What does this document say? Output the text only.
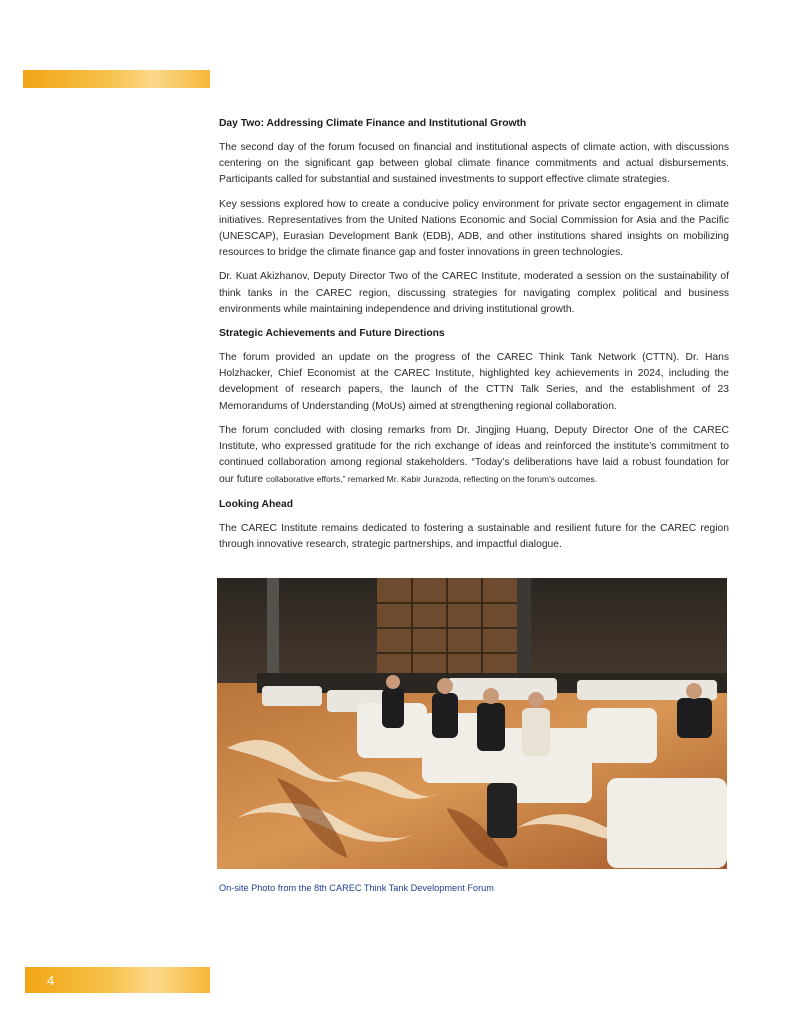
Day Two: Addressing Climate Finance and Institutional Growth

The second day of the forum focused on financial and institutional aspects of climate action, with discussions centering on the significant gap between global climate finance commitments and actual disbursements. Participants called for substantial and sustained investments to support effective climate strategies.

Key sessions explored how to create a conducive policy environment for private sector engagement in climate initiatives. Representatives from the United Nations Economic and Social Commission for Asia and the Pacific (UNESCAP), Eurasian Development Bank (EDB), ADB, and other institutions shared insights on mobilizing resources to bridge the climate finance gap and foster innovations in green technologies.

Dr. Kuat Akizhanov, Deputy Director Two of the CAREC Institute, moderated a session on the sustainability of think tanks in the CAREC region, discussing strategies for navigating complex political and business environments while maintaining independence and driving institutional growth.

Strategic Achievements and Future Directions

The forum provided an update on the progress of the CAREC Think Tank Network (CTTN). Dr. Hans Holzhacker, Chief Economist at the CAREC Institute, highlighted key achievements in 2024, including the development of research papers, the launch of the CTTN Talk Series, and the establishment of 23 Memorandums of Understanding (MoUs) aimed at strengthening regional collaboration.

The forum concluded with closing remarks from Dr. Jingjing Huang, Deputy Director One of the CAREC Institute, who expressed gratitude for the rich exchange of ideas and reinforced the institute’s commitment to continued collaboration among regional stakeholders. “Today’s deliberations have laid a robust foundation for our future collaborative efforts,” remarked Mr. Kabir Jurazoda, reflecting on the forum’s outcomes.

Looking Ahead

The CAREC Institute remains dedicated to fostering a sustainable and resilient future for the CAREC region through innovative research, strategic partnerships, and impactful dialogue.

On-site Photo from the 8th CAREC Think Tank Development Forum
4
